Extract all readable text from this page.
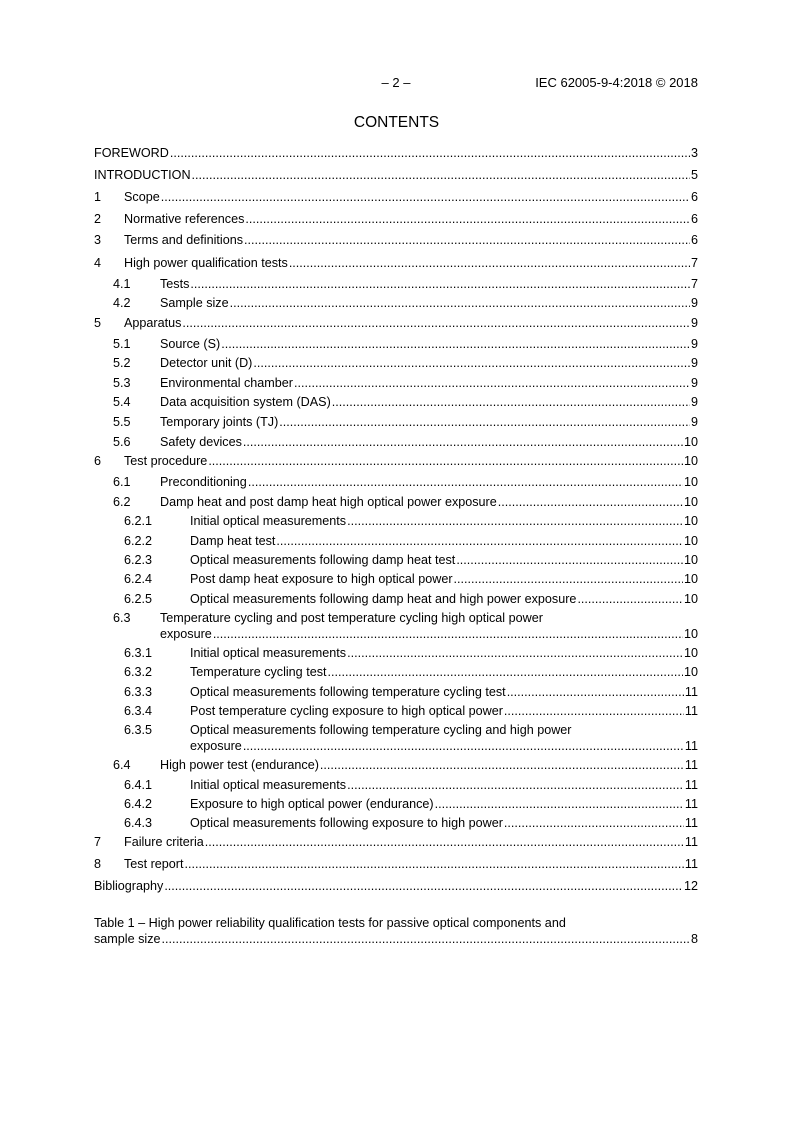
– 2 –	IEC 62005-9-4:2018 © 2018
CONTENTS
FOREWORD .....	3
INTRODUCTION .....	5
1 Scope .....	6
2 Normative references .....	6
3 Terms and definitions .....	6
4 High power qualification tests .....	7
4.1 Tests .....	7
4.2 Sample size .....	9
5 Apparatus .....	9
5.1 Source (S) .....	9
5.2 Detector unit (D) .....	9
5.3 Environmental chamber .....	9
5.4 Data acquisition system (DAS) .....	9
5.5 Temporary joints (TJ) .....	9
5.6 Safety devices .....	10
6 Test procedure .....	10
6.1 Preconditioning .....	10
6.2 Damp heat and post damp heat high optical power exposure .....	10
6.2.1	Initial optical measurements .....	10
6.2.2	Damp heat test .....	10
6.2.3	Optical measurements following damp heat test .....	10
6.2.4	Post damp heat exposure to high optical power .....	10
6.2.5	Optical measurements following damp heat and high power exposure .....	10
6.3 Temperature cycling and post temperature cycling high optical power
exposure .....	10
6.3.1	Initial optical measurements .....	10
6.3.2	Temperature cycling test .....	10
6.3.3	Optical measurements following temperature cycling test .....	11
6.3.4	Post temperature cycling exposure to high optical power .....	11
6.3.5	Optical measurements following temperature cycling and high power
exposure .....	11
6.4 High power test (endurance) .....	11
6.4.1	Initial optical measurements .....	11
6.4.2	Exposure to high optical power (endurance) .....	11
6.4.3	Optical measurements following exposure to high power .....	11
7 Failure criteria .....	11
8 Test report .....	11
Bibliography .....	12
Table 1 – High power reliability qualification tests for passive optical components and
sample size .....	8
